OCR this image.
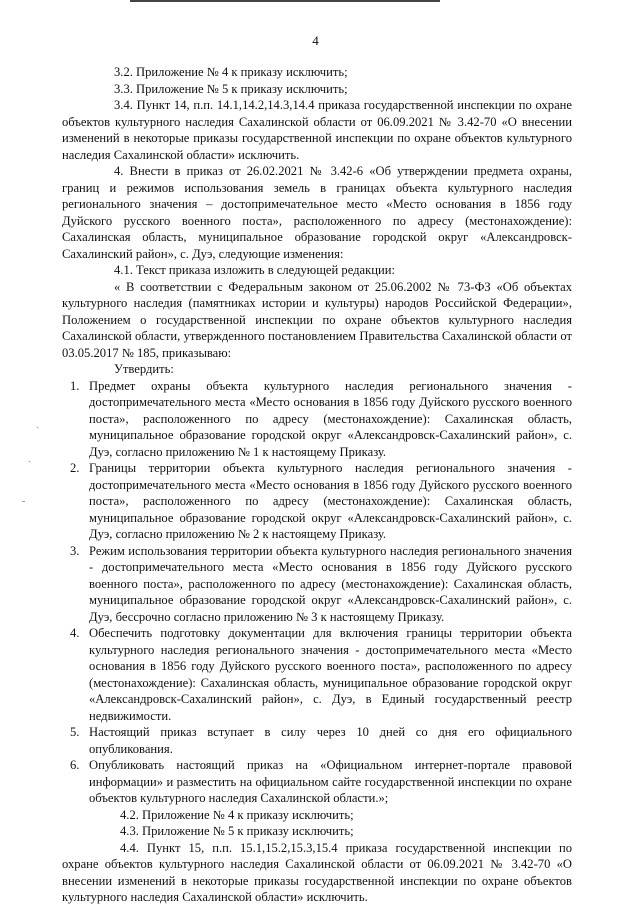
4

3.2. Приложение № 4 к приказу исключить;

3.3. Приложение № 5 к приказу исключить;

3.4. Пункт 14, п.п. 14.1,14.2,14.3,14.4 приказа государственной инспекции по охране объектов культурного наследия Сахалинской области от 06.09.2021 № 3.42-70 «О внесении изменений в некоторые приказы государственной инспекции по охране объектов культурного наследия Сахалинской области» исключить.

4. Внести в приказ от 26.02.2021 № 3.42-6 «Об утверждении предмета охраны, границ и режимов использования земель в границах объекта культурного наследия регионального значения – достопримечательное место «Место основания в 1856 году Дуйского русского военного поста», расположенного по адресу (местонахождение): Сахалинская область, муниципальное образование городской округ «Александровск-Сахалинский район», с. Дуэ, следующие изменения:

4.1. Текст приказа изложить в следующей редакции:

« В соответствии с Федеральным законом от 25.06.2002 № 73-ФЗ «Об объектах культурного наследия (памятниках истории и культуры) народов Российской Федерации», Положением о государственной инспекции по охране объектов культурного наследия Сахалинской области, утвержденного постановлением Правительства Сахалинской области от 03.05.2017 № 185, приказываю:

Утвердить:

1. Предмет охраны объекта культурного наследия регионального значения - достопримечательного места «Место основания в 1856 году Дуйского русского военного поста», расположенного по адресу (местонахождение): Сахалинская область, муниципальное образование городской округ «Александровск-Сахалинский район», с. Дуэ, согласно приложению № 1 к настоящему Приказу.
2. Границы территории объекта культурного наследия регионального значения - достопримечательного места «Место основания в 1856 году Дуйского русского военного поста», расположенного по адресу (местонахождение): Сахалинская область, муниципальное образование городской округ «Александровск-Сахалинский район», с. Дуэ, согласно приложению № 2 к настоящему Приказу.
3. Режим использования территории объекта культурного наследия регионального значения - достопримечательного места «Место основания в 1856 году Дуйского русского военного поста», расположенного по адресу (местонахождение): Сахалинская область, муниципальное образование городской округ «Александровск-Сахалинский район», с. Дуэ, бессрочно согласно приложению № 3 к настоящему Приказу.
4. Обеспечить подготовку документации для включения границы территории объекта культурного наследия регионального значения - достопримечательного места «Место основания в 1856 году Дуйского русского военного поста», расположенного по адресу (местонахождение): Сахалинская область, муниципальное образование городской округ «Александровск-Сахалинский район», с. Дуэ, в Единый государственный реестр недвижимости.
5. Настоящий приказ вступает в силу через 10 дней со дня его официального опубликования.
6. Опубликовать настоящий приказ на «Официальном интернет-портале правовой информации» и разместить на официальном сайте государственной инспекции по охране объектов культурного наследия Сахалинской области.»;

4.2. Приложение № 4 к приказу исключить;

4.3. Приложение № 5 к приказу исключить;

4.4. Пункт 15, п.п. 15.1,15.2,15.3,15.4 приказа государственной инспекции по охране объектов культурного наследия Сахалинской области от 06.09.2021 № 3.42-70 «О внесении изменений в некоторые приказы государственной инспекции по охране объектов культурного наследия Сахалинской области» исключить.

ˎ
ˎ
-
